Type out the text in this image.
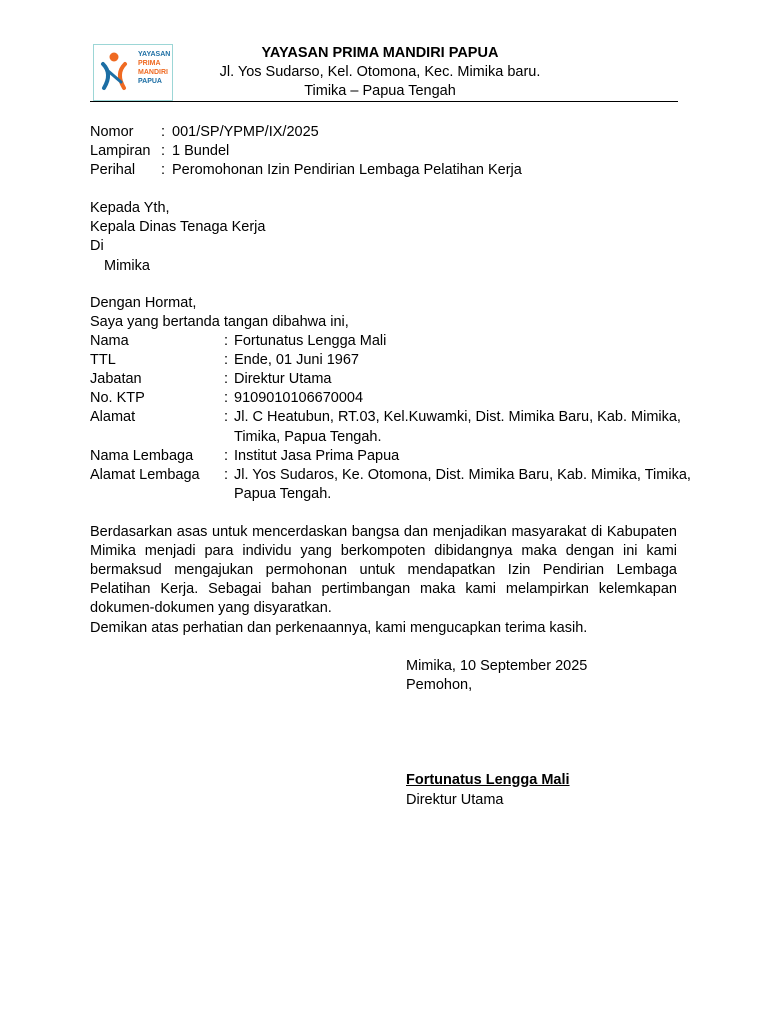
YAYASAN
PRIMA
MANDIRI
PAPUA
YAYASAN PRIMA MANDIRI PAPUA
Jl. Yos Sudarso, Kel. Otomona, Kec. Mimika baru.
Timika – Papua Tengah
Nomor : 001/SP/YPMP/IX/2025
Lampiran : 1 Bundel
Perihal : Peromohonan Izin Pendirian Lembaga Pelatihan Kerja
Kepada Yth,
Kepala Dinas Tenaga Kerja
Di
Mimika
Dengan Hormat,
Saya yang bertanda tangan dibahwa ini,
Nama	: Fortunatus Lengga Mali
TTL	: Ende, 01 Juni 1967
Jabatan	: Direktur Utama
No. KTP	: 9109010106670004
Alamat	: Jl. C Heatubun, RT.03, Kel.Kuwamki, Dist. Mimika Baru, Kab. Mimika,
Timika, Papua Tengah.
Nama Lembaga : Institut Jasa Prima Papua
Alamat Lembaga : Jl. Yos Sudaros, Ke. Otomona, Dist. Mimika Baru, Kab. Mimika, Timika,
Papua Tengah.
Berdasarkan asas untuk mencerdaskan bangsa dan menjadikan masyarakat di Kabupaten Mimika menjadi para individu yang berkompoten dibidangnya maka dengan ini kami bermaksud mengajukan permohonan untuk mendapatkan Izin Pendirian Lembaga Pelatihan Kerja. Sebagai bahan pertimbangan maka kami melampirkan kelemkapan dokumen-dokumen yang disyaratkan.
Demikan atas perhatian dan perkenaannya, kami mengucapkan terima kasih.
Mimika, 10 September 2025
Pemohon,
Fortunatus Lengga Mali
Direktur Utama
